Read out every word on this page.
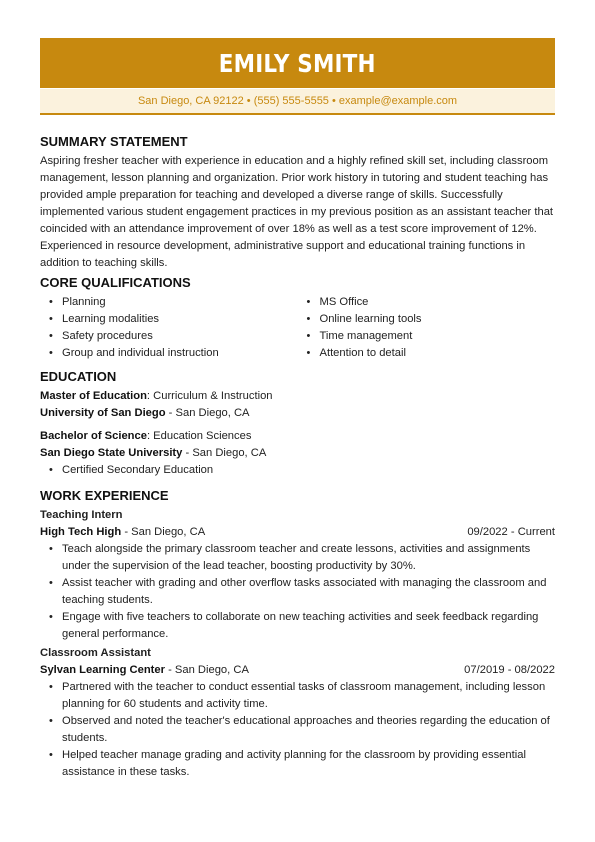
EMILY SMITH
San Diego, CA 92122 • (555) 555-5555 • example@example.com
SUMMARY STATEMENT

Aspiring fresher teacher with experience in education and a highly refined skill set, including classroom management, lesson planning and organization. Prior work history in tutoring and student teaching has provided ample preparation for teaching and developed a diverse range of skills. Successfully implemented various student engagement practices in my previous position as an assistant teacher that coincided with an attendance improvement of over 18% as well as a test score improvement of 12%. Experienced in resource development, administrative support and educational training functions in addition to teaching skills.

CORE QUALIFICATIONS
• Planning
• Learning modalities
• Safety procedures
• Group and individual instruction
• MS Office
• Online learning tools
• Time management
• Attention to detail
EDUCATION
Master of Education: Curriculum & Instruction
University of San Diego - San Diego, CA
Bachelor of Science: Education Sciences
San Diego State University - San Diego, CA
• Certified Secondary Education
WORK EXPERIENCE
Teaching Intern
High Tech High - San Diego, CA	09/2022 - Current
• Teach alongside the primary classroom teacher and create lessons, activities and assignments under the supervision of the lead teacher, boosting productivity by 30%.
• Assist teacher with grading and other overflow tasks associated with managing the classroom and teaching students.
• Engage with five teachers to collaborate on new teaching activities and seek feedback regarding general performance.
Classroom Assistant
Sylvan Learning Center - San Diego, CA	07/2019 - 08/2022
• Partnered with the teacher to conduct essential tasks of classroom management, including lesson planning for 60 students and activity time.
• Observed and noted the teacher's educational approaches and theories regarding the education of students.
• Helped teacher manage grading and activity planning for the classroom by providing essential assistance in these tasks.
